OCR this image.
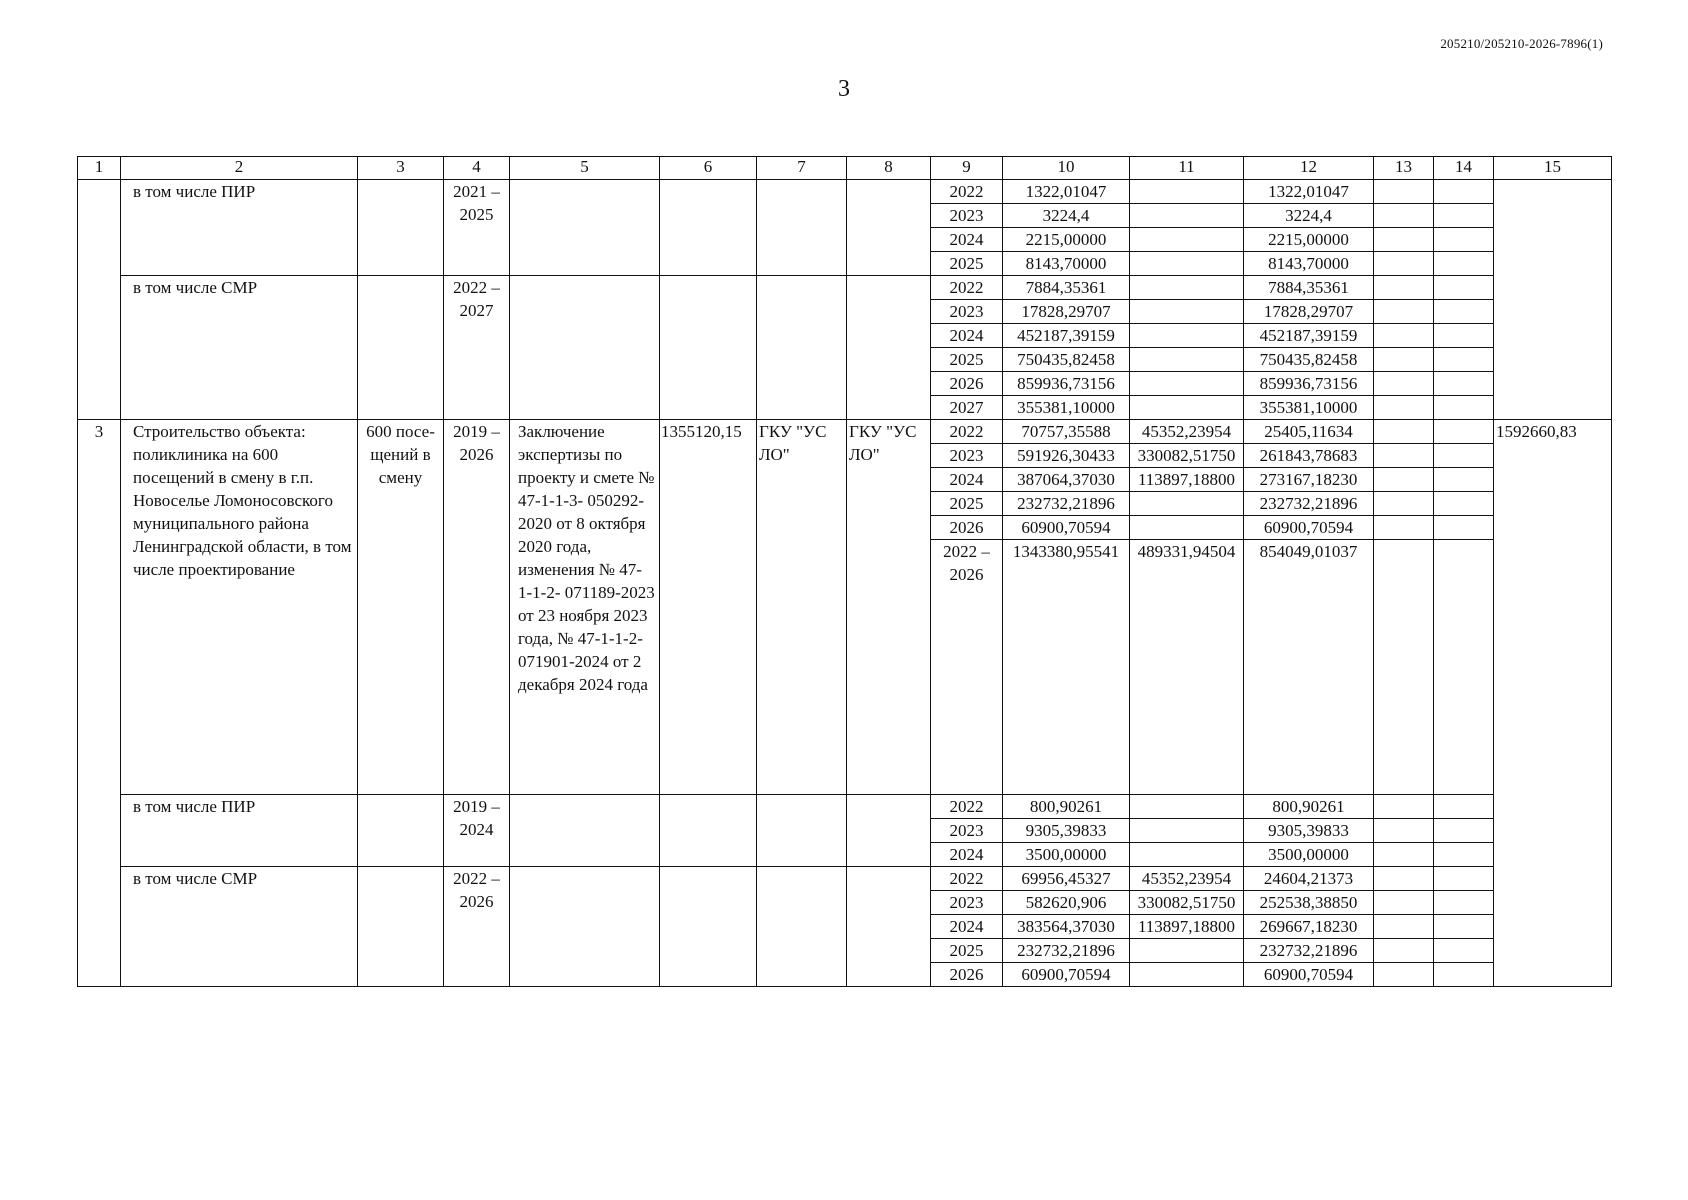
205210/205210-2026-7896(1)
3
1	2	3	4	5	6	7	8	9	10	11	12	13	14	15
	в том числе ПИР		2021 – 2025					2022	1322,01047		1322,01047			
								2023	3224,4		3224,4			
								2024	2215,00000		2215,00000			
								2025	8143,70000		8143,70000			
	в том числе СМР		2022 – 2027					2022	7884,35361		7884,35361			
								2023	17828,29707		17828,29707			
								2024	452187,39159		452187,39159			
								2025	750435,82458		750435,82458			
								2026	859936,73156		859936,73156			
								2027	355381,10000		355381,10000			
3	Строительство объекта: поликлиника на 600 посещений в смену в г.п. Новоселье Ломоносовского муниципального района Ленинградской области, в том числе проектирование	600 посе- щений в смену	2019 – 2026	Заключение экспертизы по проекту и смете № 47-1-1-3- 050292-2020 от 8 октября 2020 года, изменения № 47-1-1-2- 071189-2023 от 23 ноября 2023 года, № 47-1-1-2- 071901-2024 от 2 декабря 2024 года	1355120,15	ГКУ "УС ЛО"	ГКУ "УС ЛО"	2022	70757,35588	45352,23954	25405,11634			1592660,83
								2023	591926,30433	330082,51750	261843,78683			
								2024	387064,37030	113897,18800	273167,18230			
								2025	232732,21896		232732,21896			
								2026	60900,70594		60900,70594			
								2022 – 2026	1343380,95541	489331,94504	854049,01037			

	в том числе ПИР		2019 – 2024					2022	800,90261		800,90261			
								2023	9305,39833		9305,39833			
								2024	3500,00000		3500,00000			
	в том числе СМР		2022 – 2026					2022	69956,45327	45352,23954	24604,21373			
								2023	582620,906	330082,51750	252538,38850			
								2024	383564,37030	113897,18800	269667,18230			
								2025	232732,21896		232732,21896			
								2026	60900,70594		60900,70594			
